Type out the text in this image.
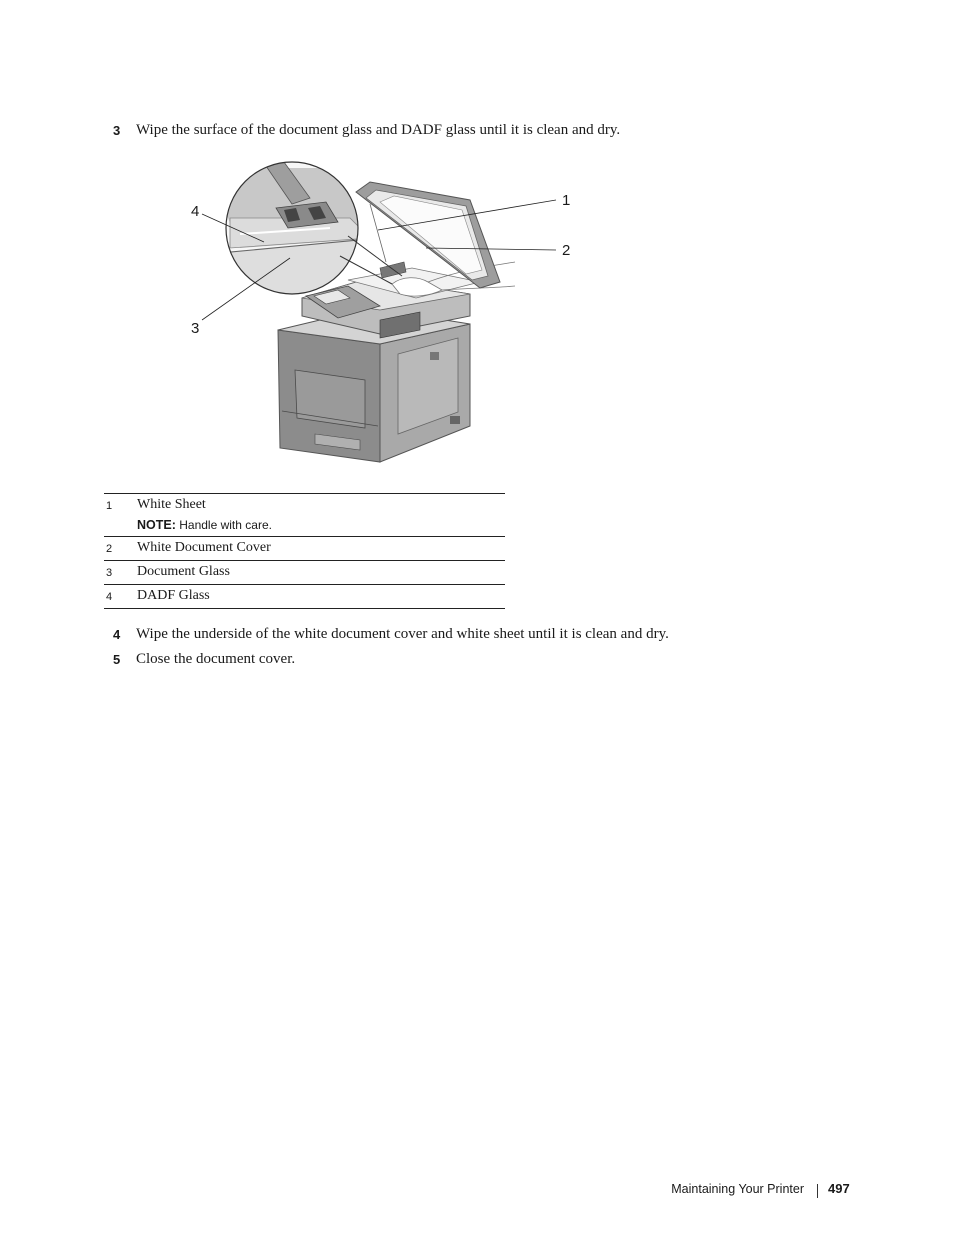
3 Wipe the surface of the document glass and DADF glass until it is clean and dry.
1
2
3
4
1	White Sheet
NOTE: Handle with care.

2	White Document Cover
3	Document Glass
4	DADF Glass
4 Wipe the underside of the white document cover and white sheet until it is clean and dry.
5 Close the document cover.
Maintaining Your Printer 497
